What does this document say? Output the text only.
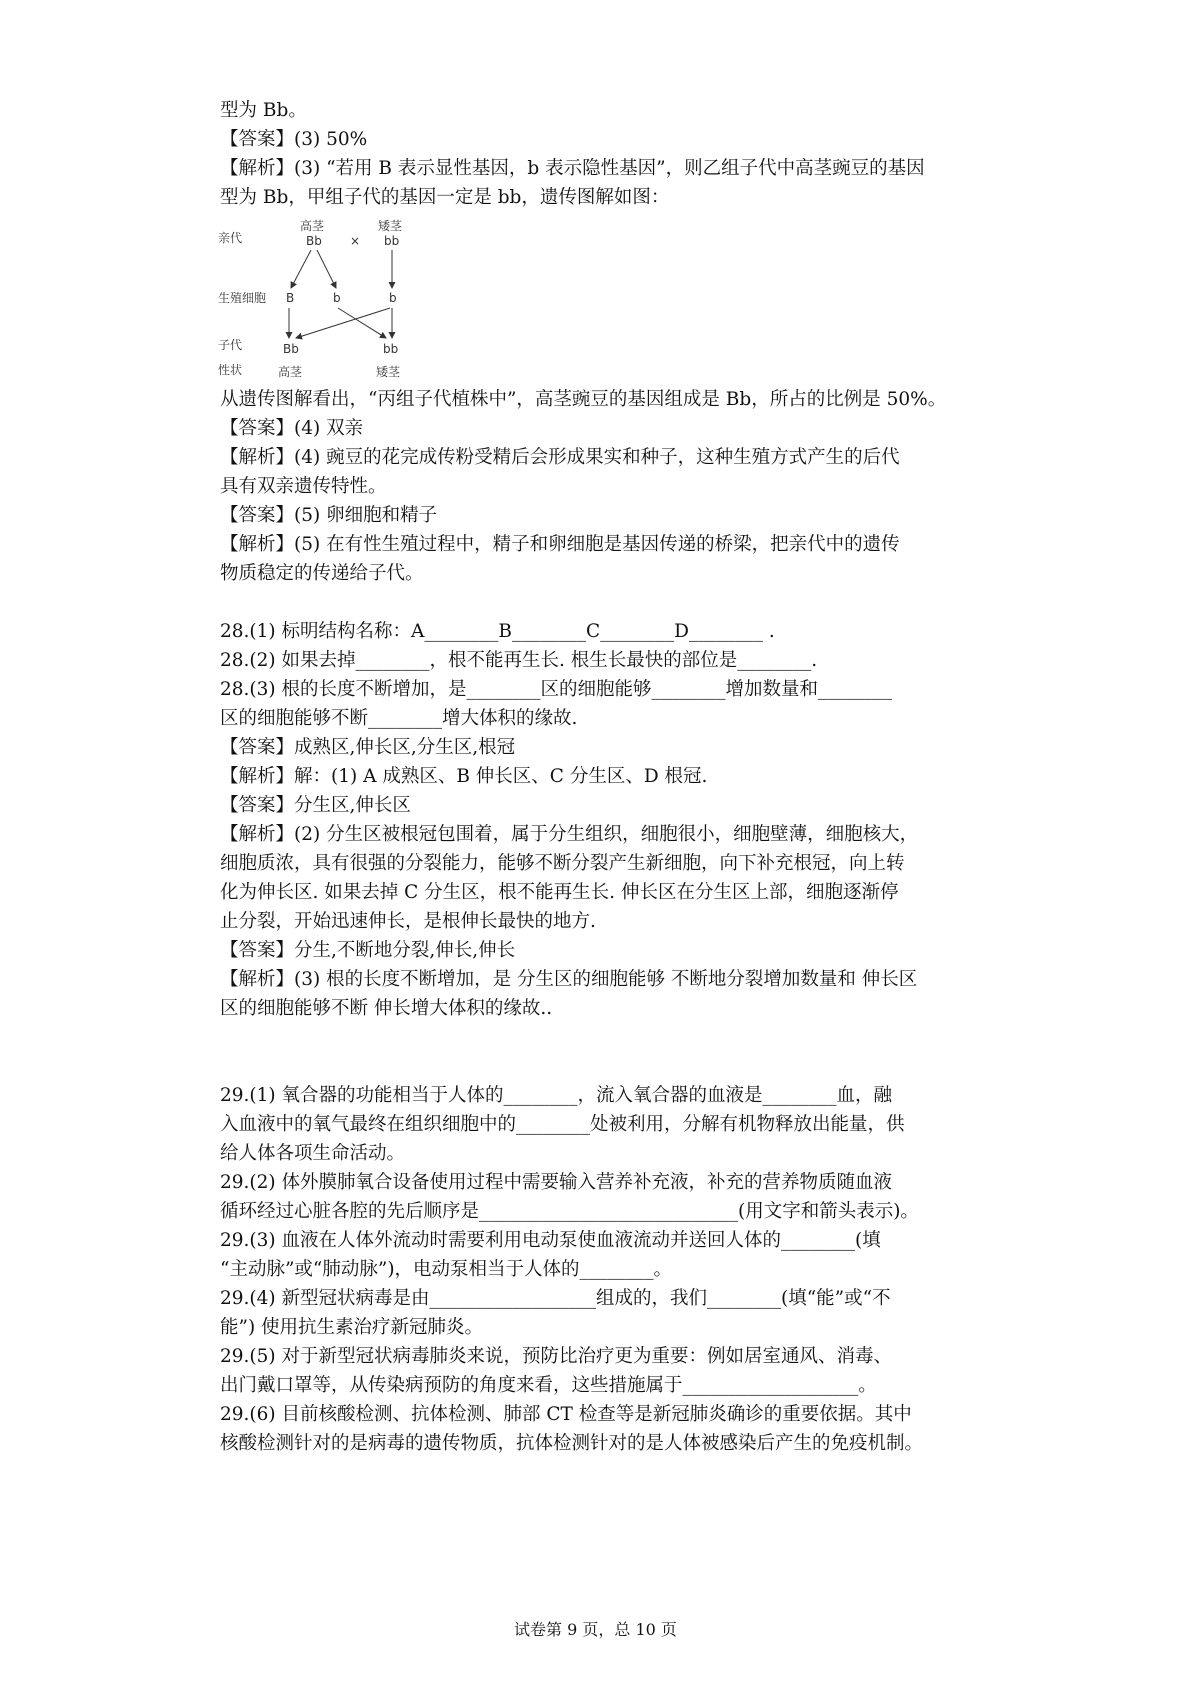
型为 Bb。
【答案】(3) 50%
【解析】(3) “若用 B 表示显性基因，b 表示隐性基因”，则乙组子代中高茎豌豆的基因
型为 Bb，甲组子代的基因一定是 bb，遗传图解如图：
亲代
生殖细胞
子代
性状
高茎
Bb ×
矮茎
bb
B	b	b
Bb	bb
高茎	矮茎
从遗传图解看出，“丙组子代植株中”，高茎豌豆的基因组成是 Bb，所占的比例是 50%。
【答案】(4) 双亲
【解析】(4) 豌豆的花完成传粉受精后会形成果实和种子，这种生殖方式产生的后代
具有双亲遗传特性。
【答案】(5) 卵细胞和精子
【解析】(5) 在有性生殖过程中，精子和卵细胞是基因传递的桥梁，把亲代中的遗传
物质稳定的传递给子代。
28.(1) 标明结构名称：A________B________C________D________ .
28.(2) 如果去掉________，根不能再生长. 根生长最快的部位是________.
28.(3) 根的长度不断增加，是________区的细胞能够________增加数量和________
区的细胞能够不断________增大体积的缘故.
【答案】成熟区,伸长区,分生区,根冠
【解析】解：(1) A 成熟区、B 伸长区、C 分生区、D 根冠.
【答案】分生区,伸长区
【解析】(2) 分生区被根冠包围着，属于分生组织，细胞很小，细胞壁薄，细胞核大，
细胞质浓，具有很强的分裂能力，能够不断分裂产生新细胞，向下补充根冠，向上转
化为伸长区. 如果去掉 C 分生区，根不能再生长. 伸长区在分生区上部，细胞逐渐停
止分裂，开始迅速伸长，是根伸长最快的地方.
【答案】分生,不断地分裂,伸长,伸长
【解析】(3) 根的长度不断增加，是 分生区的细胞能够 不断地分裂增加数量和 伸长区
区的细胞能够不断 伸长增大体积的缘故..
29.(1) 氧合器的功能相当于人体的________，流入氧合器的血液是________血，融
入血液中的氧气最终在组织细胞中的________处被利用，分解有机物释放出能量，供
给人体各项生命活动。
29.(2) 体外膜肺氧合设备使用过程中需要输入营养补充液，补充的营养物质随血液
循环经过心脏各腔的先后顺序是____________________________(用文字和箭头表示)。
29.(3) 血液在人体外流动时需要利用电动泵使血液流动并送回人体的________(填
“主动脉”或“肺动脉”)，电动泵相当于人体的________。
29.(4) 新型冠状病毒是由__________________组成的，我们________(填“能”或“不
能”) 使用抗生素治疗新冠肺炎。
29.(5) 对于新型冠状病毒肺炎来说，预防比治疗更为重要：例如居室通风、消毒、
出门戴口罩等，从传染病预防的角度来看，这些措施属于___________________。
29.(6) 目前核酸检测、抗体检测、肺部 CT 检查等是新冠肺炎确诊的重要依据。其中
核酸检测针对的是病毒的遗传物质，抗体检测针对的是人体被感染后产生的免疫机制。
试卷第 9 页，总 10 页
